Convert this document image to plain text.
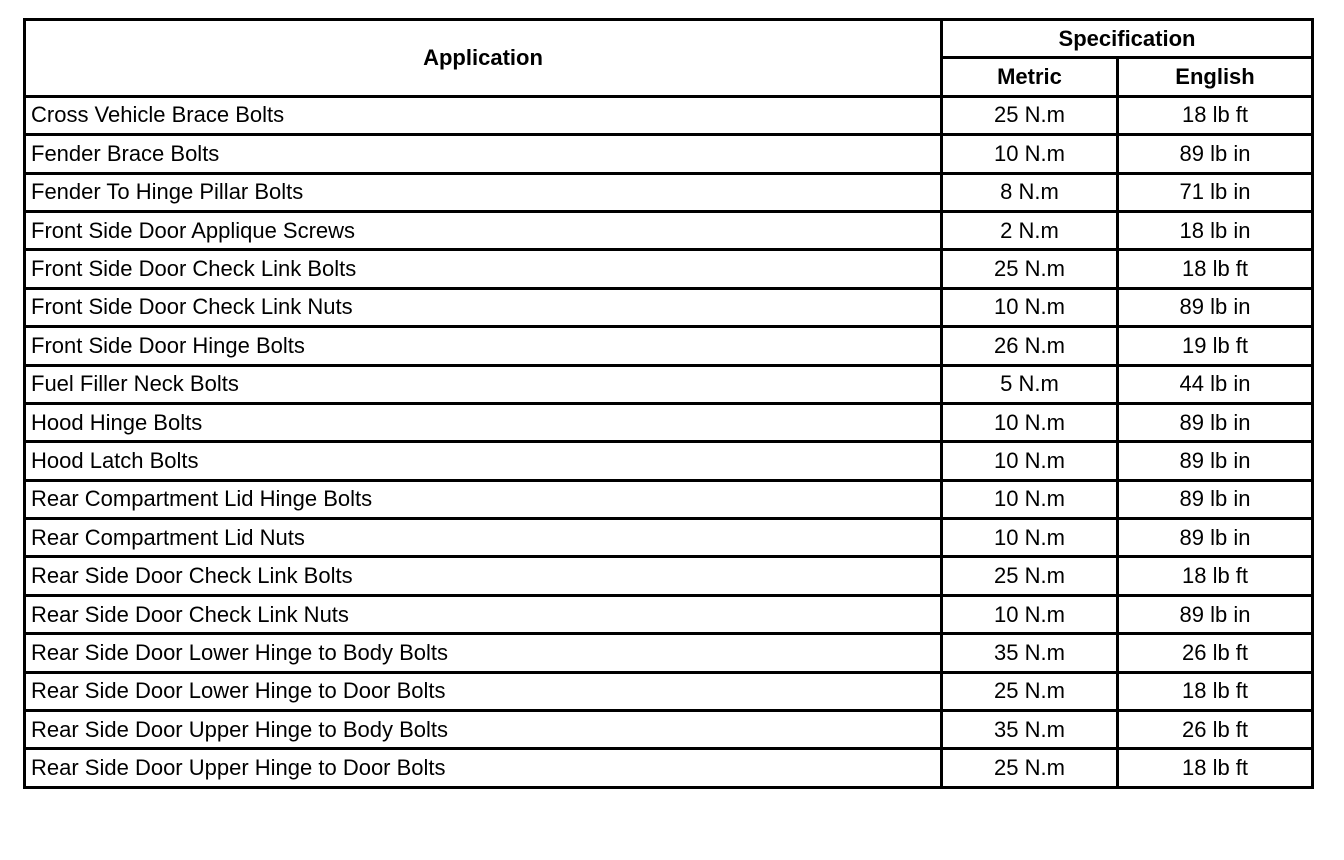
Application	Specification	
	Metric	English
Cross Vehicle Brace Bolts	25 N.m	18 lb ft
Fender Brace Bolts	10 N.m	89 lb in
Fender To Hinge Pillar Bolts	8 N.m	71 lb in
Front Side Door Applique Screws	2 N.m	18 lb in
Front Side Door Check Link Bolts	25 N.m	18 lb ft
Front Side Door Check Link Nuts	10 N.m	89 lb in
Front Side Door Hinge Bolts	26 N.m	19 lb ft
Fuel Filler Neck Bolts	5 N.m	44 lb in
Hood Hinge Bolts	10 N.m	89 lb in
Hood Latch Bolts	10 N.m	89 lb in
Rear Compartment Lid Hinge Bolts	10 N.m	89 lb in
Rear Compartment Lid Nuts	10 N.m	89 lb in
Rear Side Door Check Link Bolts	25 N.m	18 lb ft
Rear Side Door Check Link Nuts	10 N.m	89 lb in
Rear Side Door Lower Hinge to Body Bolts	35 N.m	26 lb ft
Rear Side Door Lower Hinge to Door Bolts	25 N.m	18 lb ft
Rear Side Door Upper Hinge to Body Bolts	35 N.m	26 lb ft
Rear Side Door Upper Hinge to Door Bolts	25 N.m	18 lb ft
